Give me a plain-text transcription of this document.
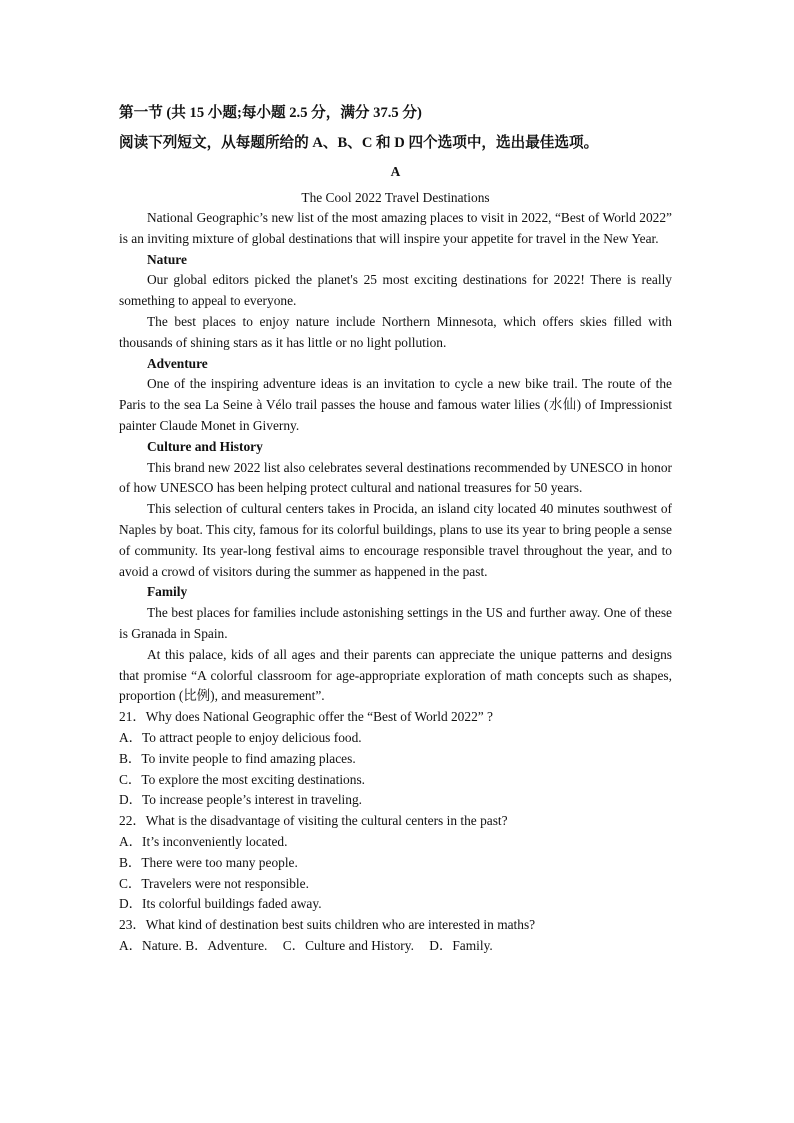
第一节 (共 15 小题;每小题 2.5 分，满分 37.5 分)
阅读下列短文，从每题所给的 A、B、C 和 D 四个选项中，选出最佳选项。
A
The Cool 2022 Travel Destinations

National Geographic’s new list of the most amazing places to visit in 2022, “Best of World 2022” is an inviting mixture of global destinations that will inspire your appetite for travel in the New Year.

Nature

Our global editors picked the planet's 25 most exciting destinations for 2022! There is really something to appeal to everyone.

The best places to enjoy nature include Northern Minnesota, which offers skies filled with thousands of shining stars as it has little or no light pollution.

Adventure

One of the inspiring adventure ideas is an invitation to cycle a new bike trail. The route of the Paris to the sea La Seine à Vélo trail passes the house and famous water lilies (水仙) of Impressionist painter Claude Monet in Giverny.

Culture and History

This brand new 2022 list also celebrates several destinations recommended by UNESCO in honor of how UNESCO has been helping protect cultural and national treasures for 50 years.

This selection of cultural centers takes in Procida, an island city located 40 minutes southwest of Naples by boat. This city, famous for its colorful buildings, plans to use its year to bring people a sense of community. Its year-long festival aims to encourage responsible travel throughout the year, and to avoid a crowd of visitors during the summer as happened in the past.

Family

The best places for families include astonishing settings in the US and further away. One of these is Granada in Spain.

At this palace, kids of all ages and their parents can appreciate the unique patterns and designs that promise “A colorful classroom for age-appropriate exploration of math concepts such as shapes, proportion (比例), and measurement”.

21．Why does National Geographic offer the “Best of World 2022” ?
A．To attract people to enjoy delicious food.
B．To invite people to find amazing places.
C．To explore the most exciting destinations.
D．To increase people’s interest in traveling.
22．What is the disadvantage of visiting the cultural centers in the past?
A．It’s inconveniently located.
B．There were too many people.
C．Travelers were not responsible.
D．Its colorful buildings faded away.
23．What kind of destination best suits children who are interested in maths?
A．Nature. B．Adventure. C．Culture and History. D．Family.
